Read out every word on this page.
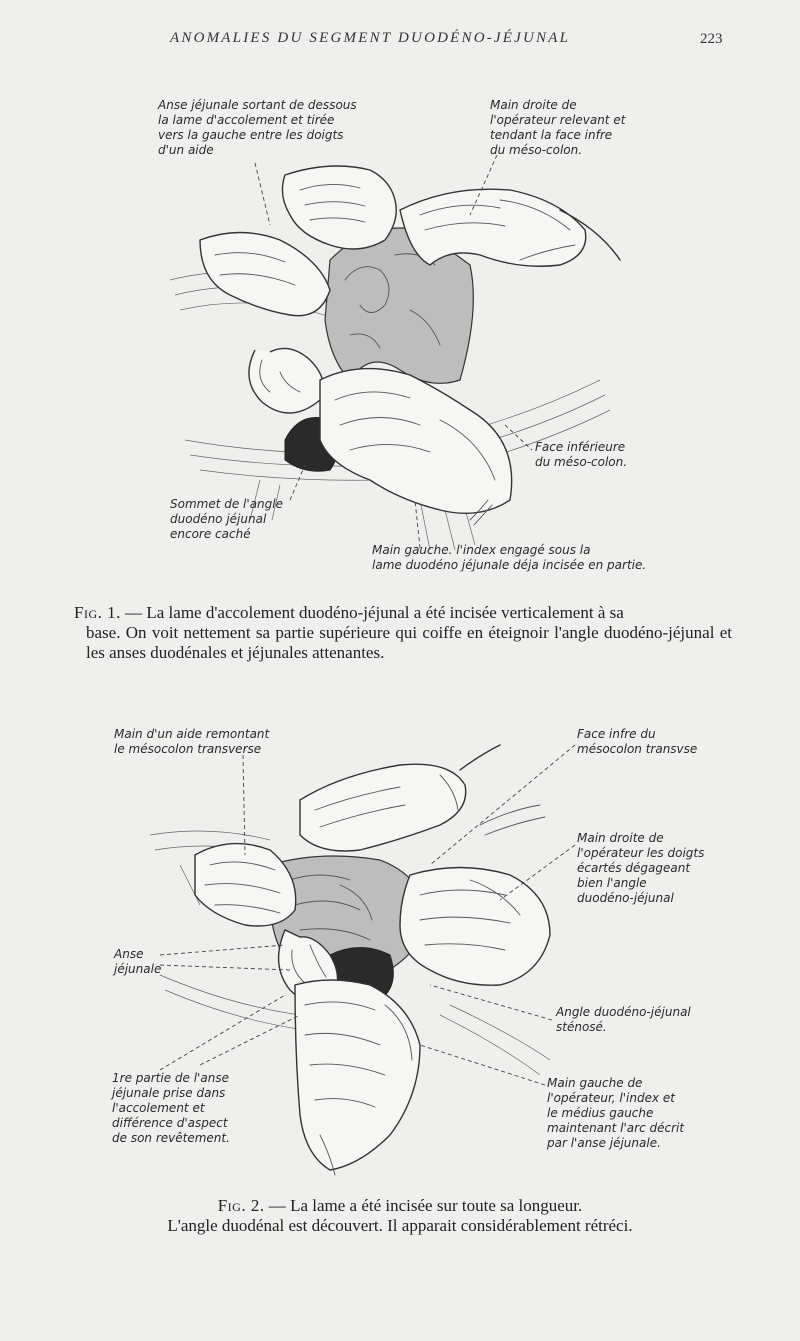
ANOMALIES DU SEGMENT DUODÉNO-JÉJUNAL	223

Anse jéjunale sortant de dessous
la lame d'accolement et tirée
vers la gauche entre les doigts
d'un aide

Main droite de
l'opérateur relevant et
tendant la face infre
du méso-colon.

Face inférieure
du méso-colon.

Sommet de l'angle
duodéno jéjunal
encore caché

Main gauche. l'index engagé sous la
lame duodéno jéjunale déja incisée en partie.

Fig. 1. — La lame d'accolement duodéno-jéjunal a été incisée verticalement à sa
base. On voit nettement sa partie supérieure qui coiffe en éteignoir l'angle duodéno-jéjunal et les anses duodénales et jéjunales attenantes.

Main d'un aide remontant
le mésocolon transverse

Face infre du
mésocolon transvse

Main droite de
l'opérateur les doigts
écartés dégageant
bien l'angle
duodéno-jéjunal

Anse
jéjunale

Angle duodéno-jéjunal
sténosé.

1re partie de l'anse
jéjunale prise dans
l'accolement et
différence d'aspect
de son revêtement.

Main gauche de
l'opérateur, l'index et
le médius gauche
maintenant l'arc décrit
par l'anse jéjunale.

Fig. 2. — La lame a été incisée sur toute sa longueur.
L'angle duodénal est découvert. Il apparait considérablement rétréci.
